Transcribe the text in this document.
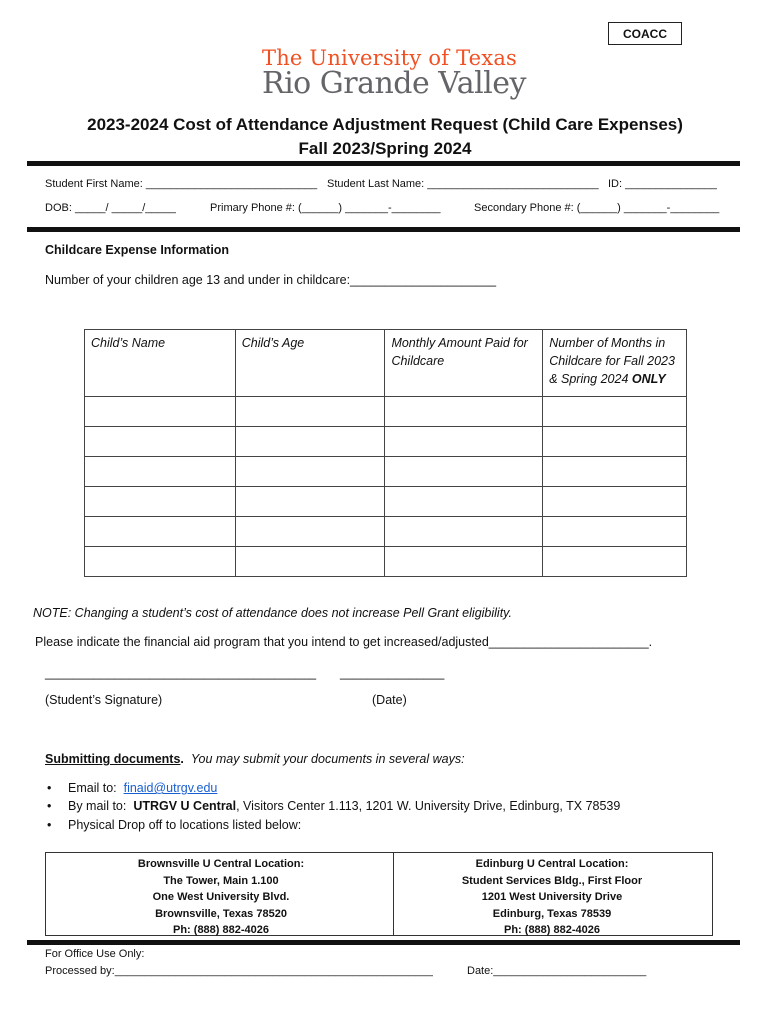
COACC
The University of Texas
Rio Grande Valley
2023-2024 Cost of Attendance Adjustment Request (Child Care Expenses)
Fall 2023/Spring 2024
Student First Name: ____________________________ Student Last Name: ____________________________ ID: _______________
DOB: _____/ _____/_____	Primary Phone #: (______) _______-________	Secondary Phone #: (______) _______-________
Childcare Expense Information
Number of your children age 13 and under in childcare:_____________________
Child’s Name	Child’s Age	Monthly Amount Paid for Childcare	Number of Months in Childcare for Fall 2023 & Spring 2024 ONLY

NOTE: Changing a student’s cost of attendance does not increase Pell Grant eligibility.
Please indicate the financial aid program that you intend to get increased/adjusted_______________________.
_______________________________________ _______________
(Student’s Signature)	(Date)
Submitting documents. You may submit your documents in several ways:
• Email to: finaid@utrgv.edu
• By mail to: UTRGV U Central, Visitors Center 1.113, 1201 W. University Drive, Edinburg, TX 78539
• Physical Drop off to locations listed below:
Brownsville U Central Location:
The Tower, Main 1.100
One West University Blvd.
Brownsville, Texas 78520
Ph: (888) 882-4026
Edinburg U Central Location:
Student Services Bldg., First Floor
1201 West University Drive
Edinburg, Texas 78539
Ph: (888) 882-4026
For Office Use Only:
Processed by:____________________________________________________	Date:_________________________
